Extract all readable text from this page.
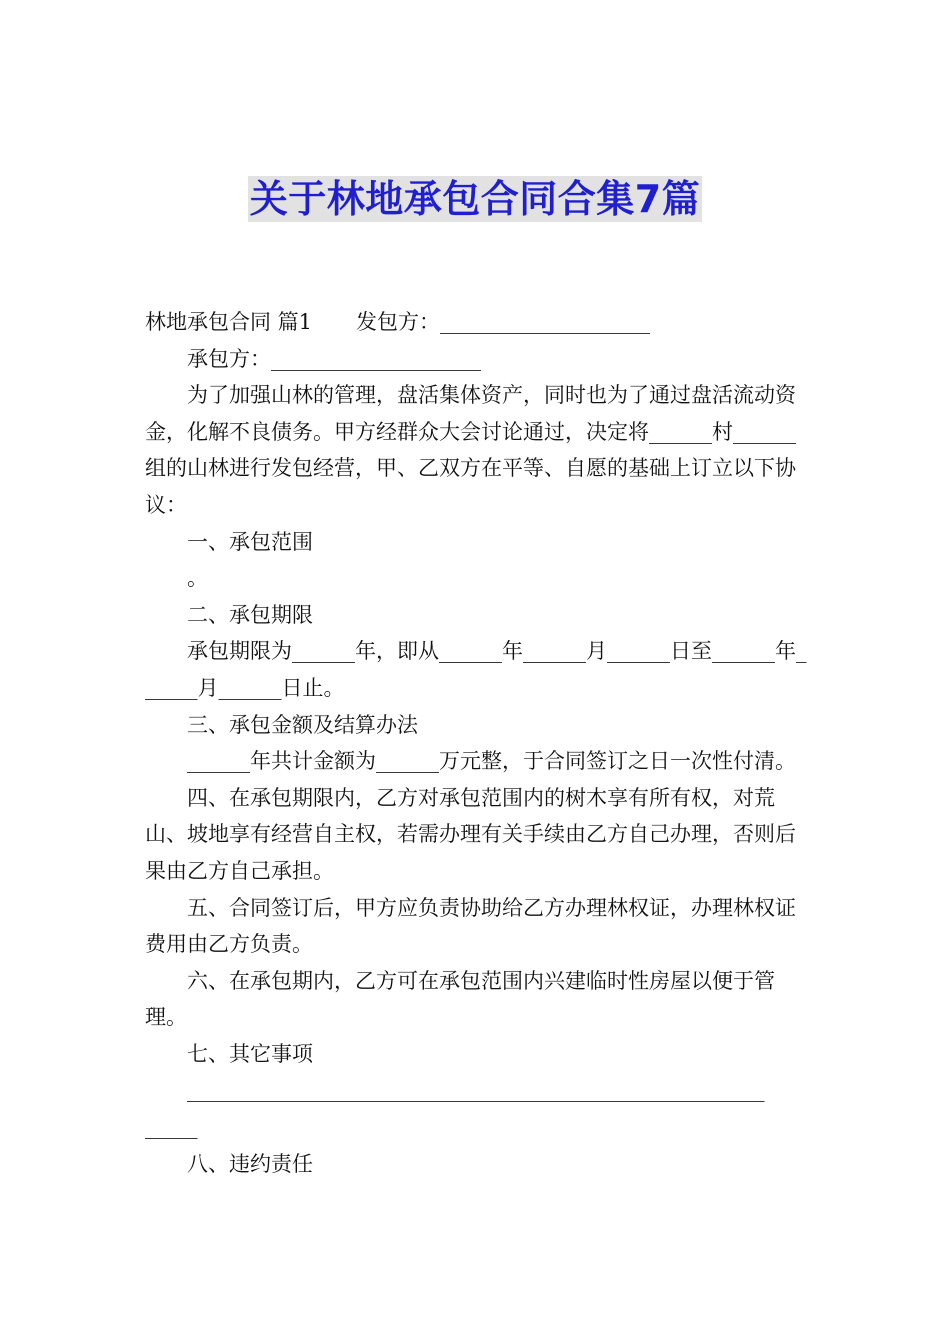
关于林地承包合同合集7篇

林地承包合同 篇1 发包方：____________________

承包方：____________________

为了加强山林的管理，盘活集体资产，同时也为了通过盘活流动资金，化解不良债务。甲方经群众大会讨论通过，决定将______村______组的山林进行发包经营，甲、乙双方在平等、自愿的基础上订立以下协议：

一、承包范围

。

二、承包期限

承包期限为______年，即从______年______月______日至______年______月______日止。

三、承包金额及结算办法

______年共计金额为______万元整，于合同签订之日一次性付清。

四、在承包期限内，乙方对承包范围内的树木享有所有权，对荒山、坡地享有经营自主权，若需办理有关手续由乙方自己办理，否则后果由乙方自己承担。

五、合同签订后，甲方应负责协助给乙方办理林权证，办理林权证费用由乙方负责。

六、在承包期内，乙方可在承包范围内兴建临时性房屋以便于管理。

七、其它事项

_______________________________________________________

_____

八、违约责任
